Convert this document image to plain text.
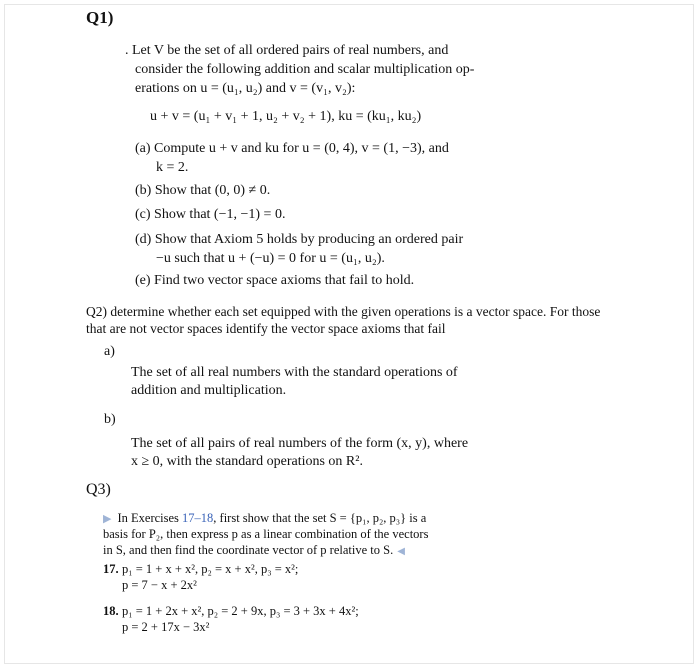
Q1)
. Let V be the set of all ordered pairs of real numbers, and
consider the following addition and scalar multiplication op-
erations on u = (u₁, u₂) and v = (v₁, v₂):
u + v = (u₁ + v₁ + 1, u₂ + v₂ + 1), ku = (ku₁, ku₂)
(a) Compute u + v and ku for u = (0, 4), v = (1, −3), and
k = 2.
(b) Show that (0, 0) ≠ 0.
(c) Show that (−1, −1) = 0.
(d) Show that Axiom 5 holds by producing an ordered pair
−u such that u + (−u) = 0 for u = (u₁, u₂).
(e) Find two vector space axioms that fail to hold.
Q2) determine whether each set equipped with the given operations is a vector space. For those
that are not vector spaces identify the vector space axioms that fail
a)
The set of all real numbers with the standard operations of
addition and multiplication.
b)
The set of all pairs of real numbers of the form (x, y), where
x ≥ 0, with the standard operations on R².
Q3)
▶ In Exercises 17–18, first show that the set S = {p₁, p₂, p₃} is a
basis for P₂, then express p as a linear combination of the vectors
in S, and then find the coordinate vector of p relative to S. ◀
17. p₁ = 1 + x + x², p₂ = x + x², p₃ = x²;
p = 7 − x + 2x²
18. p₁ = 1 + 2x + x², p₂ = 2 + 9x, p₃ = 3 + 3x + 4x²;
p = 2 + 17x − 3x²
